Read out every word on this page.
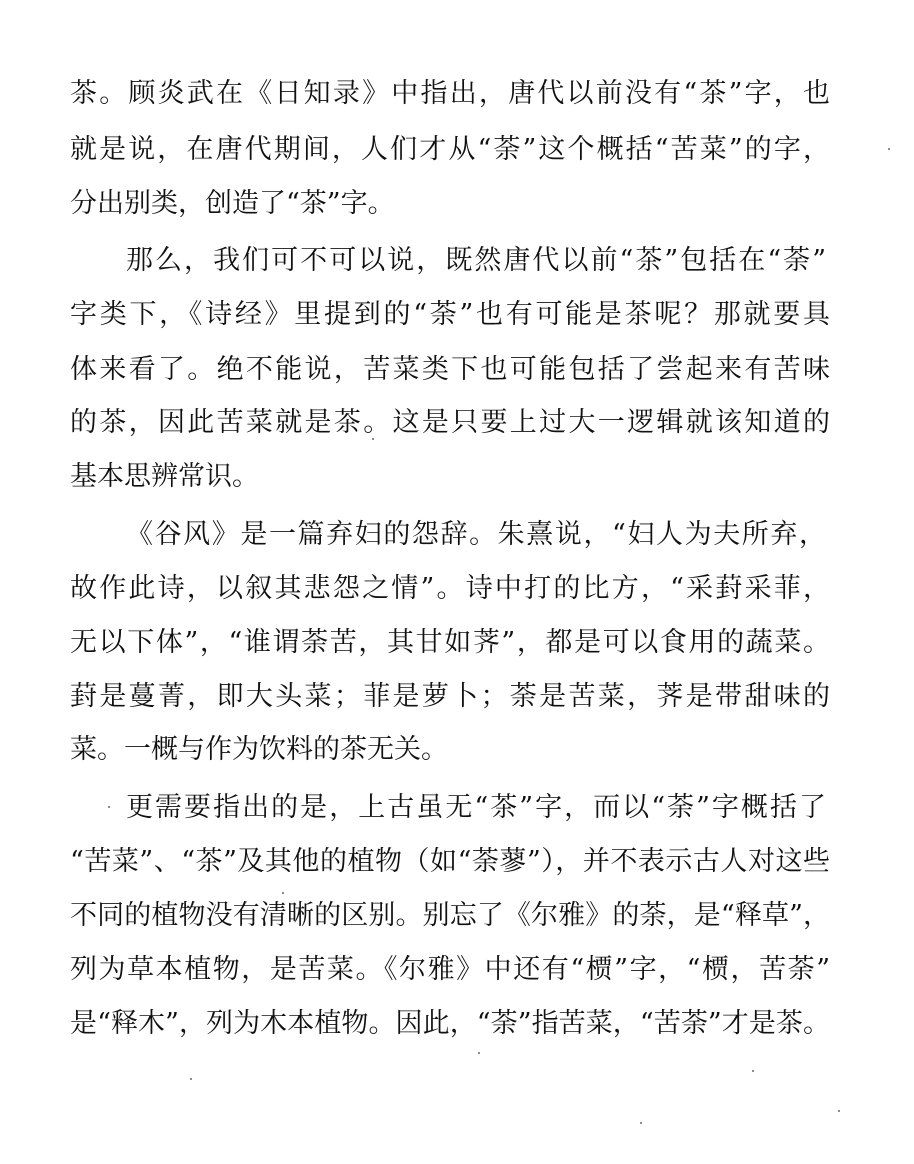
茶。顾炎武在《日知录》中指出，唐代以前没有“茶”字，也
就是说，在唐代期间，人们才从“荼”这个概括“苦菜”的字，
分出别类，创造了“茶”字。
那么，我们可不可以说，既然唐代以前“茶”包括在“荼”
字类下，《诗经》里提到的“荼”也有可能是茶呢？那就要具
体来看了。绝不能说，苦菜类下也可能包括了尝起来有苦味
的茶，因此苦菜就是茶。这是只要上过大一逻辑就该知道的
基本思辨常识。
《谷风》是一篇弃妇的怨辞。朱熹说，“妇人为夫所弃，
故作此诗，以叙其悲怨之情”。诗中打的比方，“采葑采菲，
无以下体”，“谁谓荼苦，其甘如荠”，都是可以食用的蔬菜。
葑是蔓菁，即大头菜；菲是萝卜；荼是苦菜，荠是带甜味的
菜。一概与作为饮料的茶无关。
更需要指出的是，上古虽无“茶”字，而以“荼”字概括了
“苦菜”、“茶”及其他的植物（如“荼蓼”），并不表示古人对这些
不同的植物没有清晰的区别。别忘了《尔雅》的荼，是“释草”，
列为草本植物，是苦菜。《尔雅》中还有“槚”字，“槚，苦荼”
是“释木”，列为木本植物。因此，“荼”指苦菜，“苦荼”才是茶。
